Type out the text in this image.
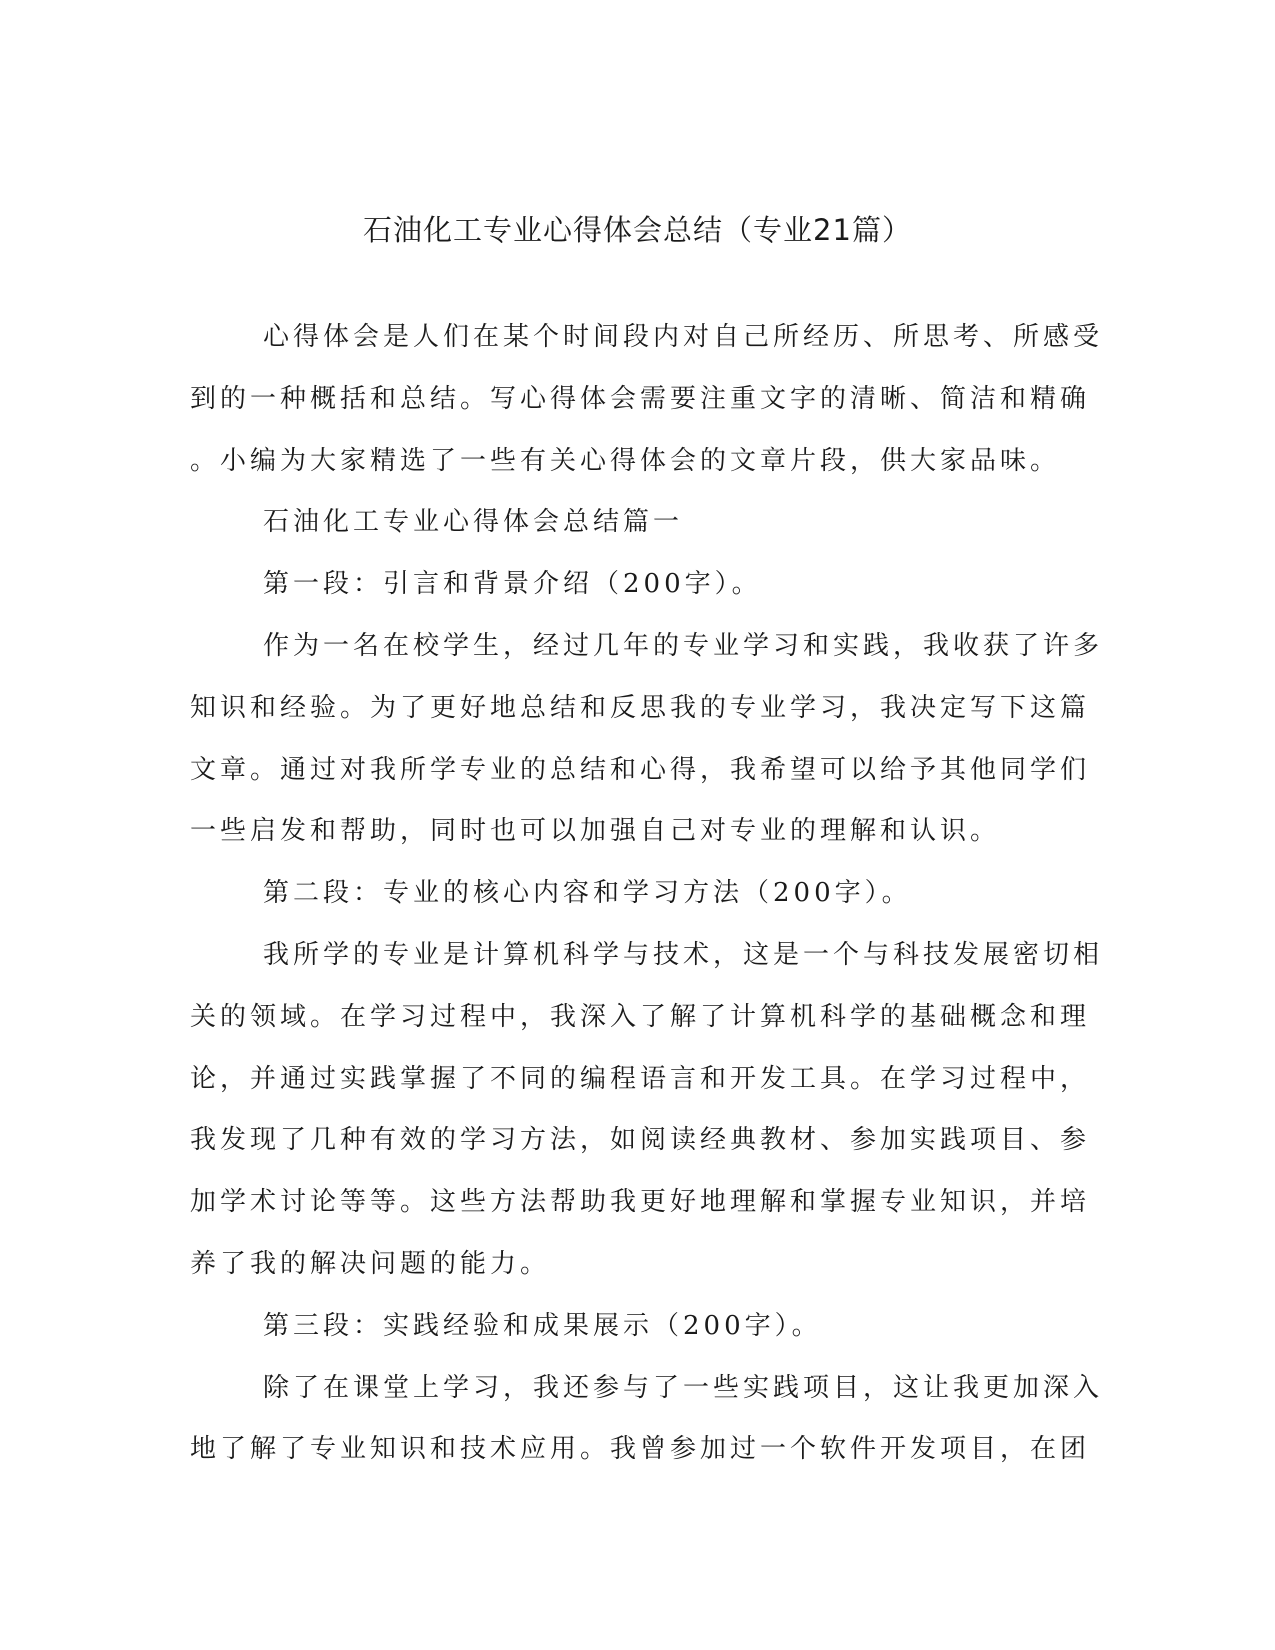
石油化工专业心得体会总结（专业21篇）
心得体会是人们在某个时间段内对自己所经历、所思考、所感受
到的一种概括和总结。写心得体会需要注重文字的清晰、简洁和精确
。小编为大家精选了一些有关心得体会的文章片段，供大家品味。
石油化工专业心得体会总结篇一
第一段：引言和背景介绍（200字）。
作为一名在校学生，经过几年的专业学习和实践，我收获了许多
知识和经验。为了更好地总结和反思我的专业学习，我决定写下这篇
文章。通过对我所学专业的总结和心得，我希望可以给予其他同学们
一些启发和帮助，同时也可以加强自己对专业的理解和认识。
第二段：专业的核心内容和学习方法（200字）。
我所学的专业是计算机科学与技术，这是一个与科技发展密切相
关的领域。在学习过程中，我深入了解了计算机科学的基础概念和理
论，并通过实践掌握了不同的编程语言和开发工具。在学习过程中，
我发现了几种有效的学习方法，如阅读经典教材、参加实践项目、参
加学术讨论等等。这些方法帮助我更好地理解和掌握专业知识，并培
养了我的解决问题的能力。
第三段：实践经验和成果展示（200字）。
除了在课堂上学习，我还参与了一些实践项目，这让我更加深入
地了解了专业知识和技术应用。我曾参加过一个软件开发项目，在团
